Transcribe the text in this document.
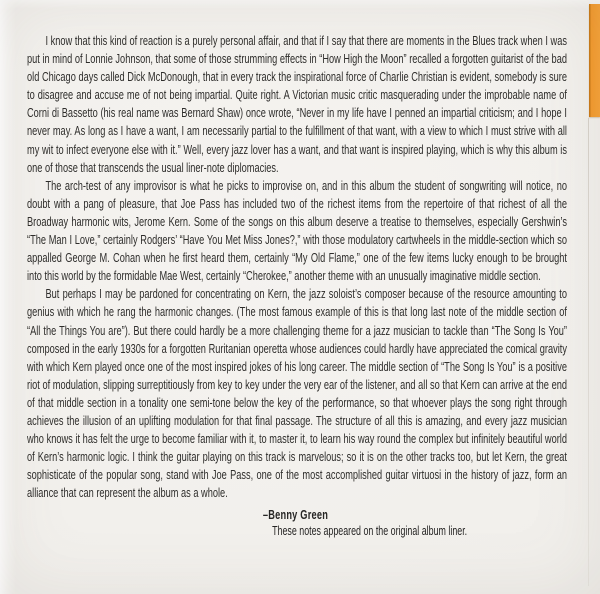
I know that this kind of reaction is a purely personal affair, and that if I say that there are moments in the Blues track when I was put in mind of Lonnie Johnson, that some of those strumming effects in “How High the Moon” recalled a forgotten guitarist of the bad old Chicago days called Dick McDonough, that in every track the inspirational force of Charlie Christian is evident, somebody is sure to disagree and accuse me of not being impartial. Quite right. A Victorian music critic masquerading under the improbable name of Corni di Bassetto (his real name was Bernard Shaw) once wrote, “Never in my life have I penned an impartial criticism; and I hope I never may. As long as I have a want, I am necessarily partial to the fulfillment of that want, with a view to which I must strive with all my wit to infect everyone else with it.” Well, every jazz lover has a want, and that want is inspired playing, which is why this album is one of those that transcends the usual liner-note diplomacies.

The arch-test of any improvisor is what he picks to improvise on, and in this album the student of songwriting will notice, no doubt with a pang of pleasure, that Joe Pass has included two of the richest items from the repertoire of that richest of all the Broadway harmonic wits, Jerome Kern. Some of the songs on this album deserve a treatise to themselves, especially Gershwin’s “The Man I Love,” certainly Rodgers’ “Have You Met Miss Jones?,” with those modulatory cartwheels in the middle-section which so appalled George M. Cohan when he first heard them, certainly “My Old Flame,” one of the few items lucky enough to be brought into this world by the formidable Mae West, certainly “Cherokee,” another theme with an unusually imaginative middle section.

But perhaps I may be pardoned for concentrating on Kern, the jazz soloist’s composer because of the resource amounting to genius with which he rang the harmonic changes. (The most famous example of this is that long last note of the middle section of “All the Things You are”). But there could hardly be a more challenging theme for a jazz musician to tackle than “The Song Is You” composed in the early 1930s for a forgotten Ruritanian operetta whose audiences could hardly have appreciated the comical gravity with which Kern played once one of the most inspired jokes of his long career. The middle section of “The Song Is You” is a positive riot of modulation, slipping surreptitiously from key to key under the very ear of the listener, and all so that Kern can arrive at the end of that middle section in a tonality one semi-tone below the key of the performance, so that whoever plays the song right through achieves the illusion of an uplifting modulation for that final passage. The structure of all this is amazing, and every jazz musician who knows it has felt the urge to become familiar with it, to master it, to learn his way round the complex but infinitely beautiful world of Kern’s harmonic logic. I think the guitar playing on this track is marvelous; so it is on the other tracks too, but let Kern, the great sophisticate of the popular song, stand with Joe Pass, one of the most accomplished guitar virtuosi in the history of jazz, form an alliance that can represent the album as a whole.

–Benny Green
These notes appeared on the original album liner.
